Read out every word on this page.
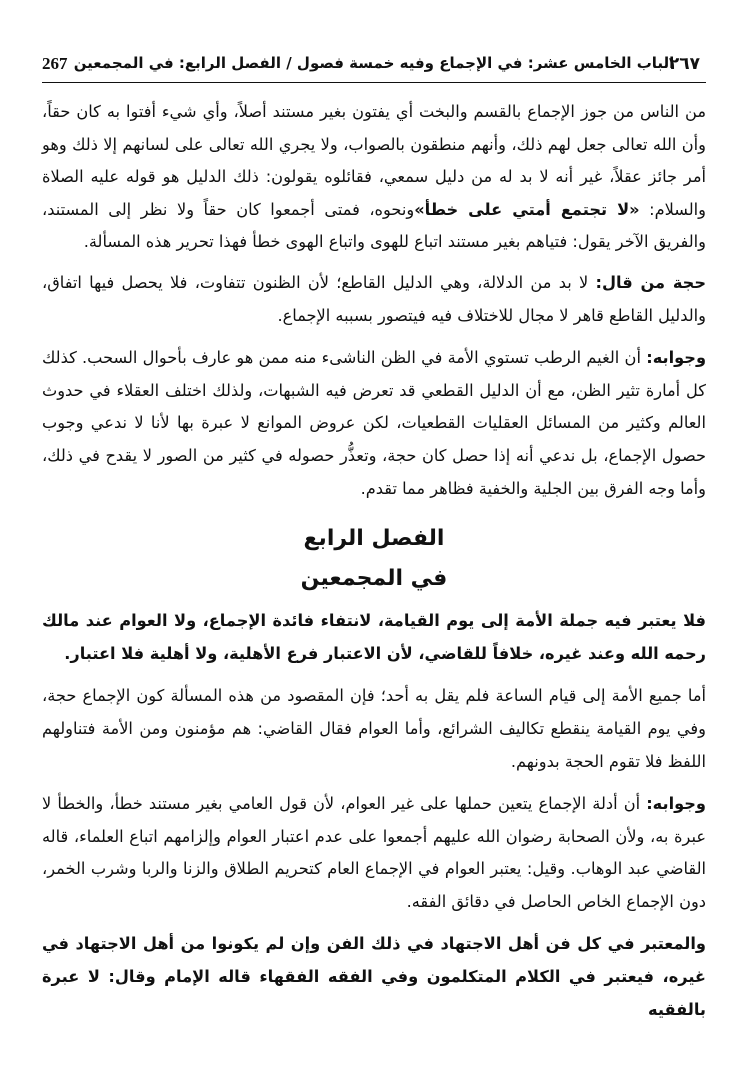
267 الباب الخامس عشر: في الإجماع وفيه خمسة فصول / الفصل الرابع: في المجمعين
٢٦٧

من الناس من جوز الإجماع بالقسم والبخت أي يفتون بغير مستند أصلاً، وأي شيء أفتوا به كان حقاً، وأن الله تعالى جعل لهم ذلك، وأنهم منطقون بالصواب، ولا يجري الله تعالى على لسانهم إلا ذلك وهو أمر جائز عقلاً، غير أنه لا بد له من دليل سمعي، فقائلوه يقولون: ذلك الدليل هو قوله عليه الصلاة والسلام: «لا تجتمع أمتي على خطأ»ونحوه، فمتى أجمعوا كان حقاً ولا نظر إلى المستند، والفريق الآخر يقول: فتياهم بغير مستند اتباع للهوى واتباع الهوى خطأ فهذا تحرير هذه المسألة.

حجة من قال: لا بد من الدلالة، وهي الدليل القاطع؛ لأن الظنون تتفاوت، فلا يحصل فيها اتفاق، والدليل القاطع قاهر لا مجال للاختلاف فيه فيتصور بسببه الإجماع.

وجوابه: أن الغيم الرطب تستوي الأمة في الظن الناشىء منه ممن هو عارف بأحوال السحب. كذلك كل أمارة تثير الظن، مع أن الدليل القطعي قد تعرض فيه الشبهات، ولذلك اختلف العقلاء في حدوث العالم وكثير من المسائل العقليات القطعيات، لكن عروض الموانع لا عبرة بها لأنا لا ندعي وجوب حصول الإجماع، بل ندعي أنه إذا حصل كان حجة، وتعذُّر حصوله في كثير من الصور لا يقدح في ذلك، وأما وجه الفرق بين الجلية والخفية فظاهر مما تقدم.

الفصل الرابع
في المجمعين

فلا يعتبر فيه جملة الأمة إلى يوم القيامة، لانتفاء فائدة الإجماع، ولا العوام عند مالك رحمه الله وعند غيره، خلافاً للقاضي، لأن الاعتبار فرع الأهلية، ولا أهلية فلا اعتبار.

أما جميع الأمة إلى قيام الساعة فلم يقل به أحد؛ فإن المقصود من هذه المسألة كون الإجماع حجة، وفي يوم القيامة ينقطع تكاليف الشرائع، وأما العوام فقال القاضي: هم مؤمنون ومن الأمة فتناولهم اللفظ فلا تقوم الحجة بدونهم.

وجوابه: أن أدلة الإجماع يتعين حملها على غير العوام، لأن قول العامي بغير مستند خطأ، والخطأ لا عبرة به، ولأن الصحابة رضوان الله عليهم أجمعوا على عدم اعتبار العوام وإلزامهم اتباع العلماء، قاله القاضي عبد الوهاب. وقيل: يعتبر العوام في الإجماع العام كتحريم الطلاق والزنا والربا وشرب الخمر، دون الإجماع الخاص الحاصل في دقائق الفقه.

والمعتبر في كل فن أهل الاجتهاد في ذلك الفن وإن لم يكونوا من أهل الاجتهاد في غيره، فيعتبر في الكلام المتكلمون وفي الفقه الفقهاء قاله الإمام وقال: لا عبرة بالفقيه
